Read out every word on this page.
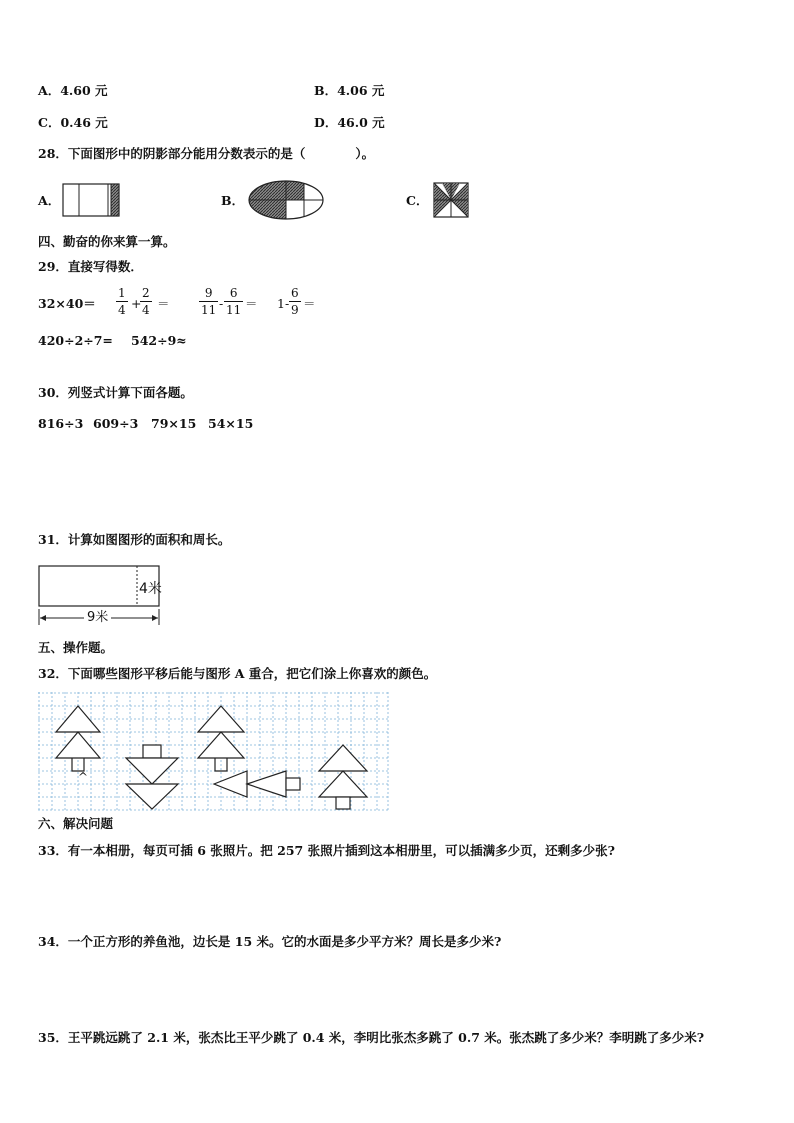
A．4.60 元	B．4.06 元
C．0.46 元	D．46.0 元
28．下面图形中的阴影部分能用分数表示的是（　　　　）。
A．	B．	C．
四、勤奋的你来算一算。
29．直接写得数．
$32\times 40= \frac{1}{4}$ +
$\frac{2}{4} = \frac{9}{11} - \frac{6}{11} = 1- \frac{6}{9}$ ＝
420÷2÷7= 542÷9≈
30．列竖式计算下面各题。
816÷3 609÷3 79×15 54×15
31．计算如图图形的面积和周长。
4米
9米
五、操作题。
32．下面哪些图形平移后能与图形 A 重合，把它们涂上你喜欢的颜色。
^
六、解决问题
33．有一本相册，每页可插 6 张照片。把 257 张照片插到这本相册里，可以插满多少页，还剩多少张?
34．一个正方形的养鱼池，边长是 15 米。它的水面是多少平方米？周长是多少米?
35．王平跳远跳了 2.1 米，张杰比王平少跳了 0.4 米，李明比张杰多跳了 0.7 米。张杰跳了多少米？李明跳了多少米?
